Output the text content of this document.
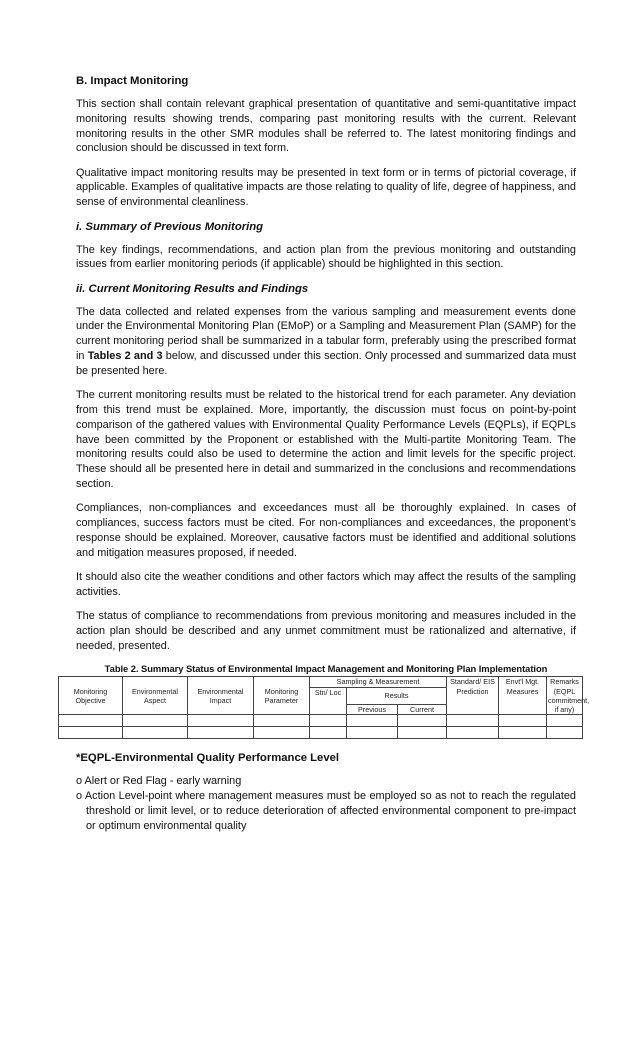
B. Impact Monitoring

This section shall contain relevant graphical presentation of quantitative and semi-quantitative impact monitoring results showing trends, comparing past monitoring results with the current. Relevant monitoring results in the other SMR modules shall be referred to. The latest monitoring findings and conclusion should be discussed in text form.

Qualitative impact monitoring results may be presented in text form or in terms of pictorial coverage, if applicable. Examples of qualitative impacts are those relating to quality of life, degree of happiness, and sense of environmental cleanliness.

i. Summary of Previous Monitoring

The key findings, recommendations, and action plan from the previous monitoring and outstanding issues from earlier monitoring periods (if applicable) should be highlighted in this section.

ii. Current Monitoring Results and Findings

The data collected and related expenses from the various sampling and measurement events done under the Environmental Monitoring Plan (EMoP) or a Sampling and Measurement Plan (SAMP) for the current monitoring period shall be summarized in a tabular form, preferably using the prescribed format in Tables 2 and 3 below, and discussed under this section. Only processed and summarized data must be presented here.

The current monitoring results must be related to the historical trend for each parameter. Any deviation from this trend must be explained. More, importantly, the discussion must focus on point-by-point comparison of the gathered values with Environmental Quality Performance Levels (EQPLs), if EQPLs have been committed by the Proponent or established with the Multi-partite Monitoring Team. The monitoring results could also be used to determine the action and limit levels for the specific project. These should all be presented here in detail and summarized in the conclusions and recommendations section.

Compliances, non-compliances and exceedances must all be thoroughly explained. In cases of compliances, success factors must be cited. For non-compliances and exceedances, the proponent’s response should be explained. Moreover, causative factors must be identified and additional solutions and mitigation measures proposed, if needed.

It should also cite the weather conditions and other factors which may affect the results of the sampling activities.

The status of compliance to recommendations from previous monitoring and measures included in the action plan should be described and any unmet commitment must be rationalized and alternative, if needed, presented.

Table 2. Summary Status of Environmental Impact Management and Monitoring Plan Implementation
Monitoring Objective	Environmental Aspect	Environmental Impact	Monitoring Parameter	Sampling & Measurement			Standard/ EIS Prediction	Envt'l Mgt. Measures	Remarks (EQPL commitment, if any)
				Stn/ Loc	Results				
					Previous	Current			

*EQPL-Environmental Quality Performance Level
o Alert or Red Flag - early warning
o Action Level-point where management measures must be employed so as not to reach the regulated threshold or limit level, or to reduce deterioration of affected environmental component to pre-impact or optimum environmental quality
